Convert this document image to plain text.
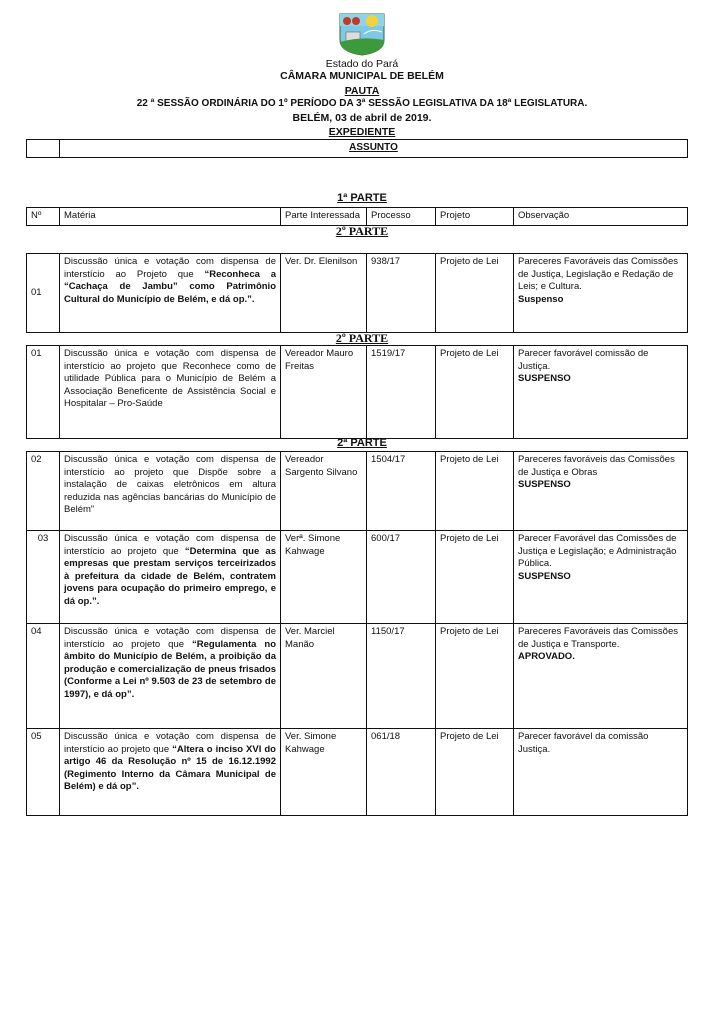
Estado do Pará
CÂMARA MUNICIPAL DE BELÉM
PAUTA
22 ª SESSÃO ORDINÁRIA DO 1º PERÍODO DA 3ª SESSÃO LEGISLATIVA DA 18ª LEGISLATURA.
BELÉM, 03 de abril de 2019.
EXPEDIENTE
	ASSUNTO
1ª PARTE
Nº	Matéria	Parte Interessada	Processo	Projeto	Observação
2º PARTE
01	Discussão única e votação com dispensa de interstício ao Projeto que “Reconheca a “Cachaça de Jambu” como Patrimônio Cultural do Município de Belém, e dá op.”.	Ver. Dr. Elenilson	938/17	Projeto de Lei	Pareceres Favoráveis das Comissões de Justiça, Legislação e Redação de Leis; e Cultura.
Suspenso
2º PARTE
01	Discussão única e votação com dispensa de interstício ao projeto que Reconhece como de utilidade Pública para o Município de Belém a Associação Beneficente de Assistência Social e Hospitalar – Pro-Saúde	Vereador Mauro Freitas	1519/17	Projeto de Lei	Parecer favorável comissão de Justiça.
SUSPENSO
2ª PARTE
02	Discussão única e votação com dispensa de interstício ao projeto que Dispõe sobre a instalação de caixas eletrônicos em altura reduzida nas agências bancárias do Município de Belém”	Vereador Sargento Silvano	1504/17	Projeto de Lei	Pareceres favoráveis das Comissões de Justiça e Obras
SUSPENSO
03	Discussão única e votação com dispensa de interstício ao projeto que “Determina que as empresas que prestam serviços terceirizados à prefeitura da cidade de Belém, contratem jovens para ocupação do primeiro emprego, e dá op.”.	Verª. Simone Kahwage	600/17	Projeto de Lei	Parecer Favorável das Comissões de Justiça e Legislação; e Administração Pública.
SUSPENSO
04	Discussão única e votação com dispensa de interstício ao projeto que “Regulamenta no âmbito do Município de Belém, a proibição da produção e comercialização de pneus frisados (Conforme a Lei nº 9.503 de 23 de setembro de 1997), e dá op”.	Ver. Marciel Manão	1150/17	Projeto de Lei	Pareceres Favoráveis das Comissões de Justiça e Transporte.
APROVADO.
05	Discussão única e votação com dispensa de interstício ao projeto que “Altera o inciso XVI do artigo 46 da Resolução nº 15 de 16.12.1992 (Regimento Interno da Câmara Municipal de Belém) e dá op”.	Ver. Simone Kahwage	061/18	Projeto de Lei	Parecer favorável da comissão Justiça.
